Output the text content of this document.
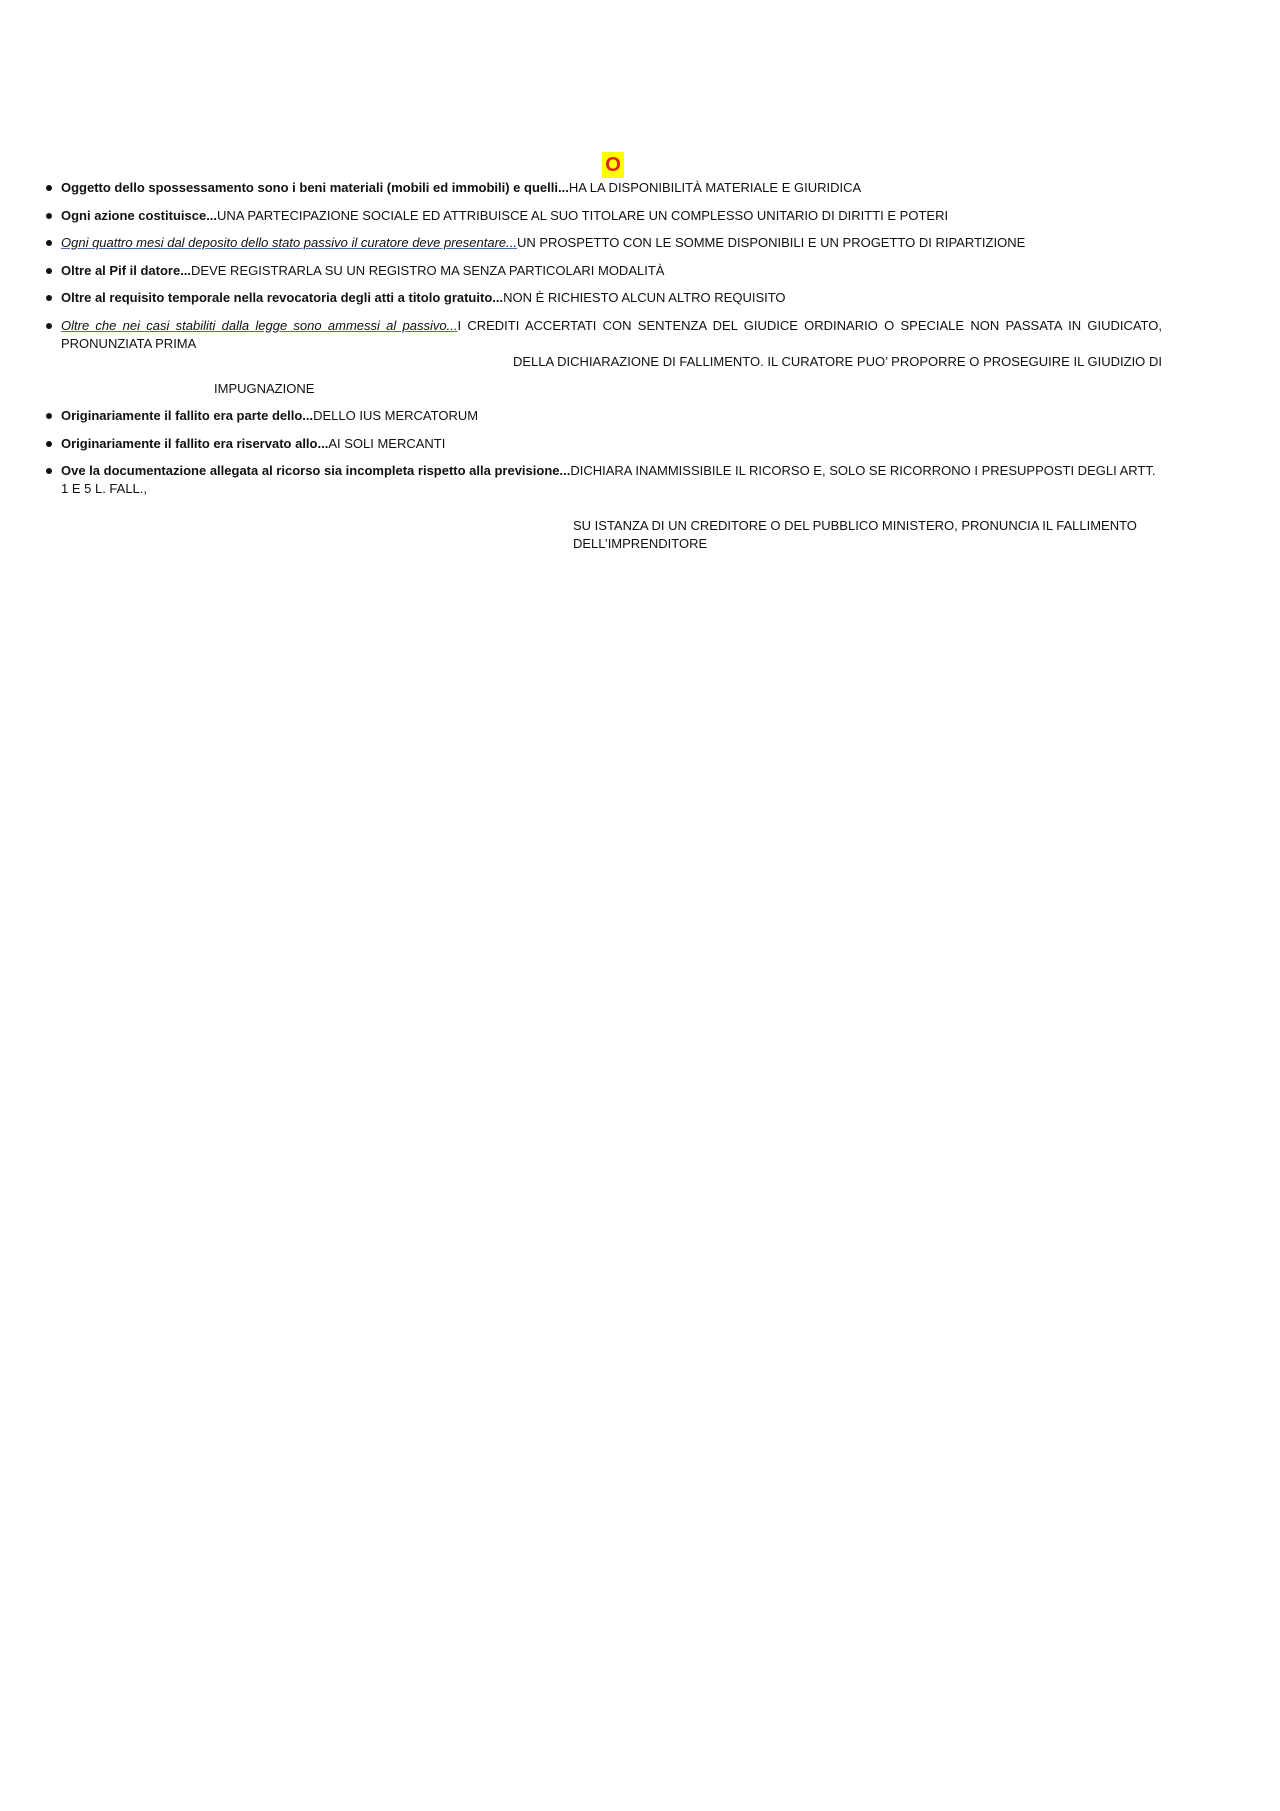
O
Oggetto dello spossessamento sono i beni materiali (mobili ed immobili) e quelli...HA LA DISPONIBILITÀ MATERIALE E GIURIDICA
Ogni azione costituisce...UNA PARTECIPAZIONE SOCIALE ED ATTRIBUISCE AL SUO TITOLARE UN COMPLESSO UNITARIO DI DIRITTI E POTERI
Ogni quattro mesi dal deposito dello stato passivo il curatore deve presentare...UN PROSPETTO CON LE SOMME DISPONIBILI E UN PROGETTO DI RIPARTIZIONE
Oltre al Pif il datore...DEVE REGISTRARLA SU UN REGISTRO MA SENZA PARTICOLARI MODALITÀ
Oltre al requisito temporale nella revocatoria degli atti a titolo gratuito...NON È RICHIESTO ALCUN ALTRO REQUISITO
Oltre che nei casi stabiliti dalla legge sono ammessi al passivo...I CREDITI ACCERTATI CON SENTENZA DEL GIUDICE ORDINARIO O SPECIALE NON PASSATA IN GIUDICATO, PRONUNZIATA PRIMA
DELLA DICHIARAZIONE DI FALLIMENTO. IL CURATORE PUO’ PROPORRE O PROSEGUIRE IL GIUDIZIO DI
IMPUGNAZIONE
Originariamente il fallito era parte dello...DELLO IUS MERCATORUM
Originariamente il fallito era riservato allo...AI SOLI MERCANTI
Ove la documentazione allegata al ricorso sia incompleta rispetto alla previsione...DICHIARA INAMMISSIBILE IL RICORSO E, SOLO SE RICORRONO I PRESUPPOSTI DEGLI ARTT. 1 E 5 L. FALL.,
SU ISTANZA DI UN CREDITORE O DEL PUBBLICO MINISTERO, PRONUNCIA IL FALLIMENTO DELL’IMPRENDITORE
